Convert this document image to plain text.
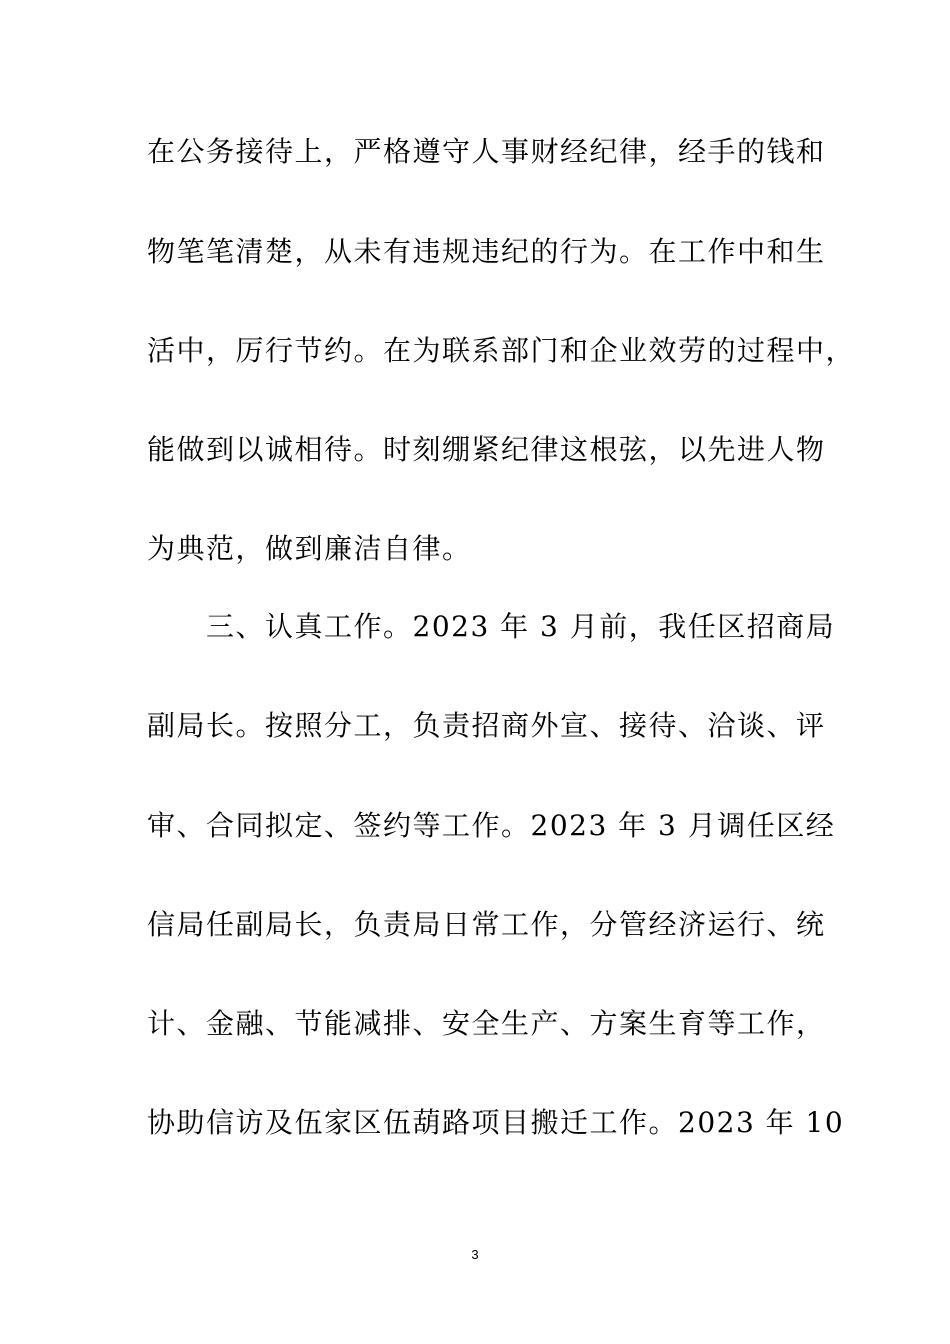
在公务接待上，严格遵守人事财经纪律，经手的钱和
物笔笔清楚，从未有违规违纪的行为。在工作中和生
活中，厉行节约。在为联系部门和企业效劳的过程中，
能做到以诚相待。时刻绷紧纪律这根弦，以先进人物
为典范，做到廉洁自律。
三、认真工作。2023 年 3 月前，我任区招商局
副局长。按照分工，负责招商外宣、接待、洽谈、评
审、合同拟定、签约等工作。2023 年 3 月调任区经
信局任副局长，负责局日常工作，分管经济运行、统
计、金融、节能减排、安全生产、方案生育等工作，
协助信访及伍家区伍葫路项目搬迁工作。2023 年 10
3
